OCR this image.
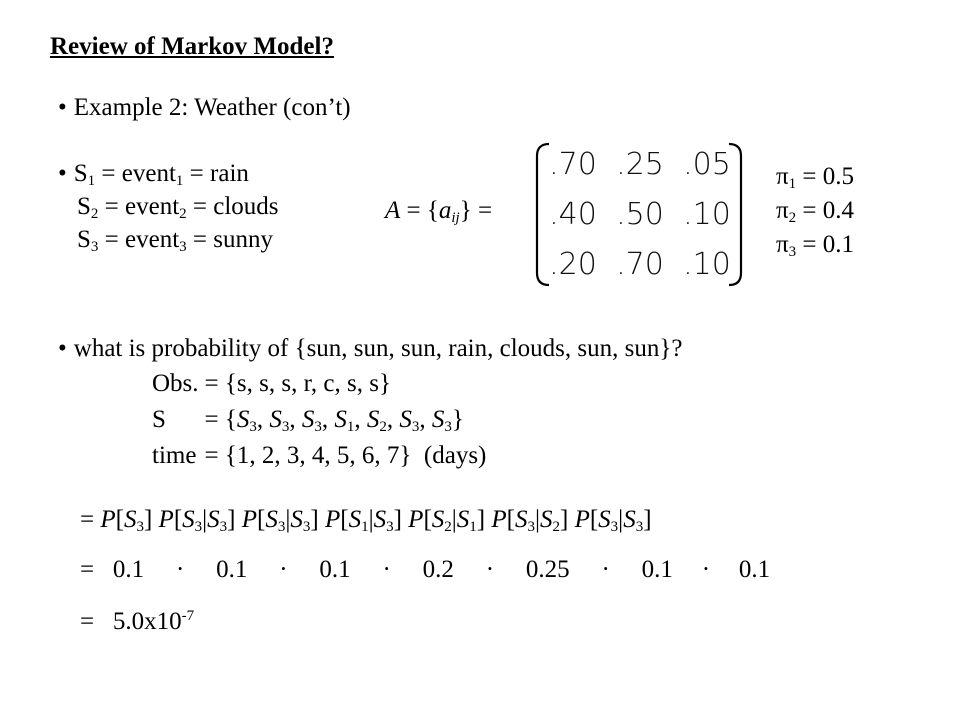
Review of Markov Model?
• Example 2: Weather (con’t)
• $S_1$ = event$_1$ = rain
$S_2$ = event$_2$ = clouds
$S_3$ = event$_3$ = sunny
$A = \{a_{ij}\}$ =
.70 .25 .05
.40 .50 .10
.20 .70 .10
$\pi_1 = 0.5$
$\pi_2 = 0.4$
$\pi_3 = 0.1$
• what is probability of {sun, sun, sun, rain, clouds, sun, sun}?
Obs.	= {s, s, s, r, c, s, s}
S	= {$S_3$, $S_3$, $S_3$, $S_1$, $S_2$, $S_3$, $S_3$}
time	= {1, 2, 3, 4, 5, 6, 7} (days)
= $P[S_3]$ $P[S_3|S_3]$ $P[S_3|S_3]$ $P[S_1|S_3]$ $P[S_2|S_1]$ $P[S_3|S_2]$ $P[S_3|S_3]$
= 0.1 · 0.1 · 0.1 · 0.2 · 0.25 · 0.1 · 0.1
= $5.0x10^{-7}$
